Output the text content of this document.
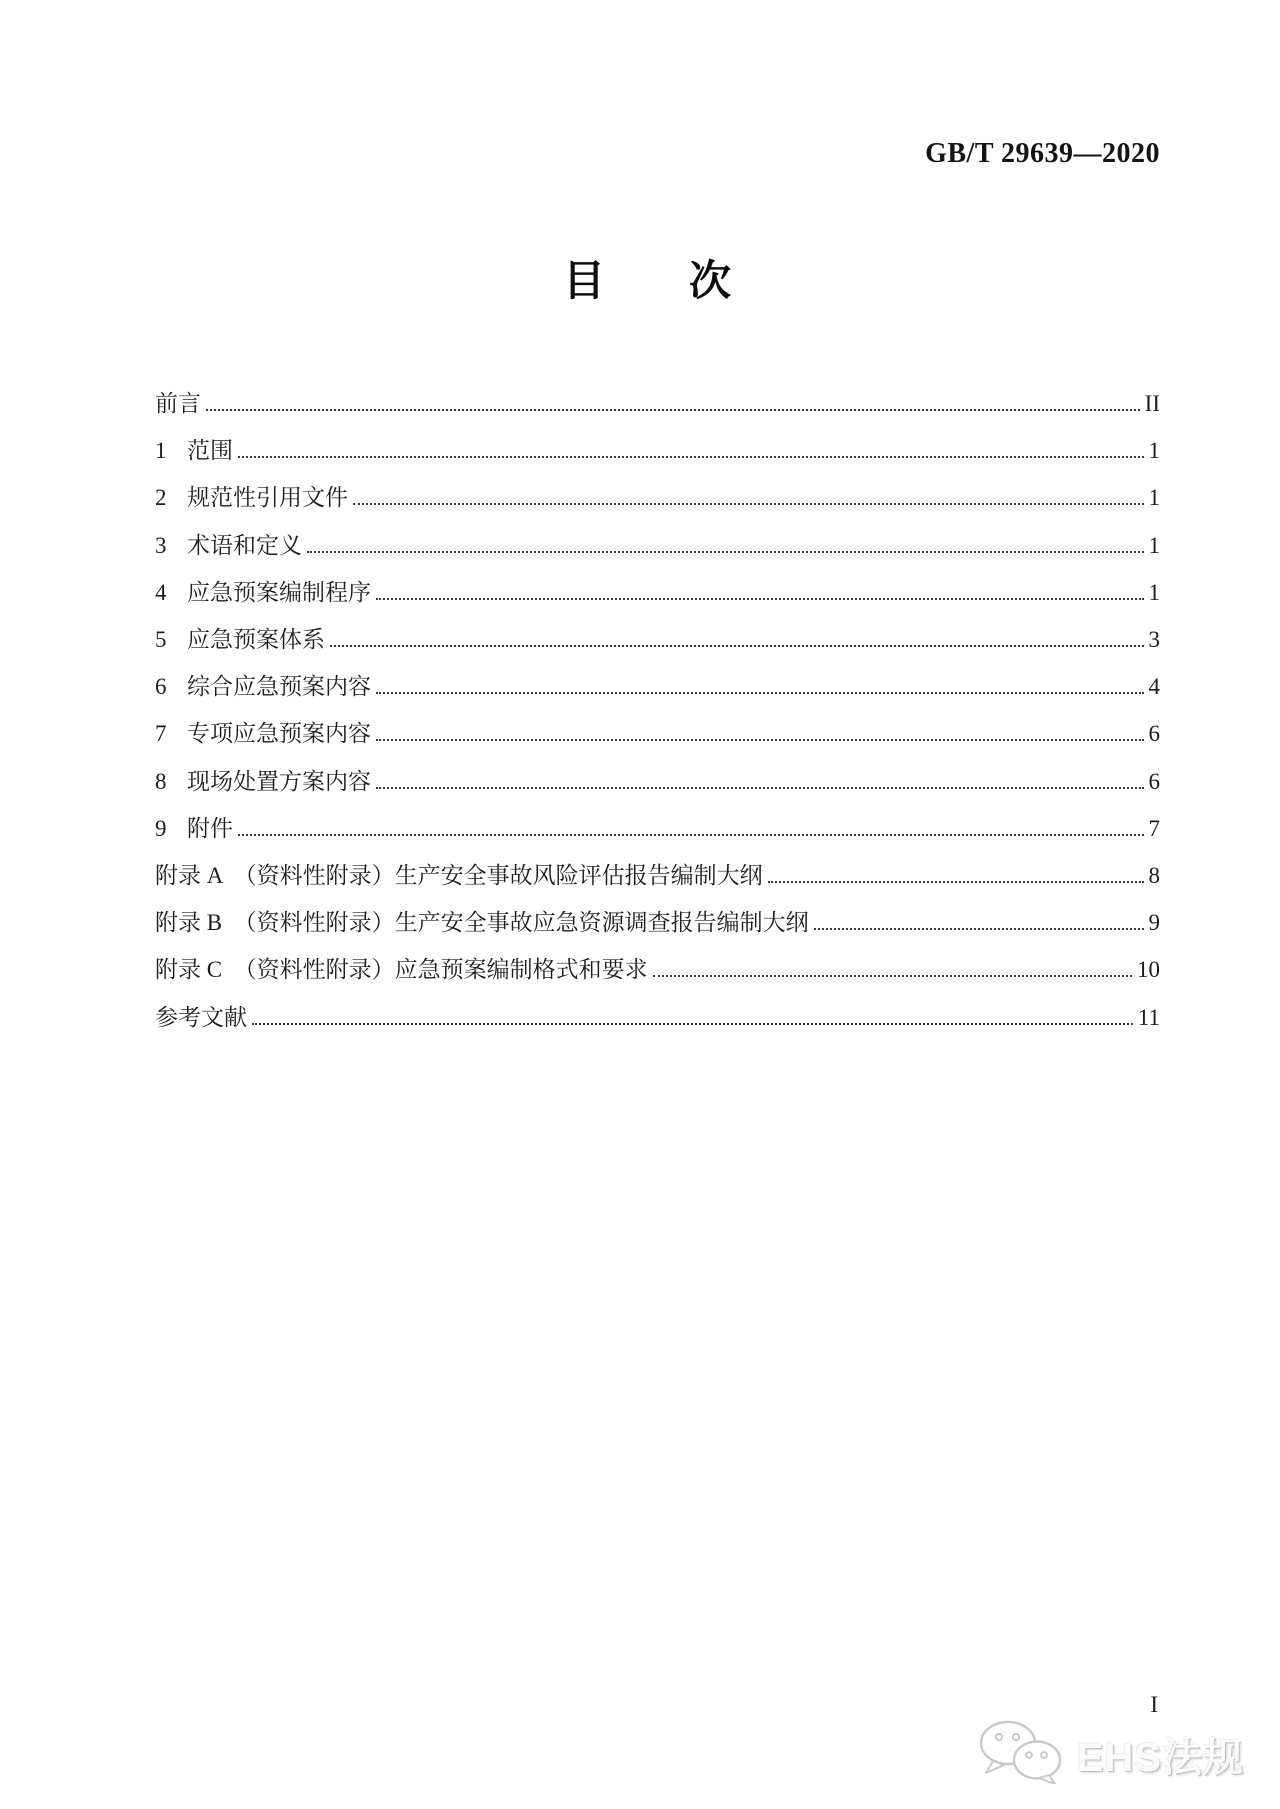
GB/T 29639—2020
目　　次
前言	II
1 范围	1
2 规范性引用文件	1
3 术语和定义	1
4 应急预案编制程序	1
5 应急预案体系	3
6 综合应急预案内容	4
7 专项应急预案内容	6
8 现场处置方案内容	6
9 附件	7
附录 A　（资料性附录）生产安全事故风险评估报告编制大纲	8
附录 B　（资料性附录）生产安全事故应急资源调查报告编制大纲	9
附录 C　（资料性附录）应急预案编制格式和要求	10
参考文献	11
I
EHS法规
